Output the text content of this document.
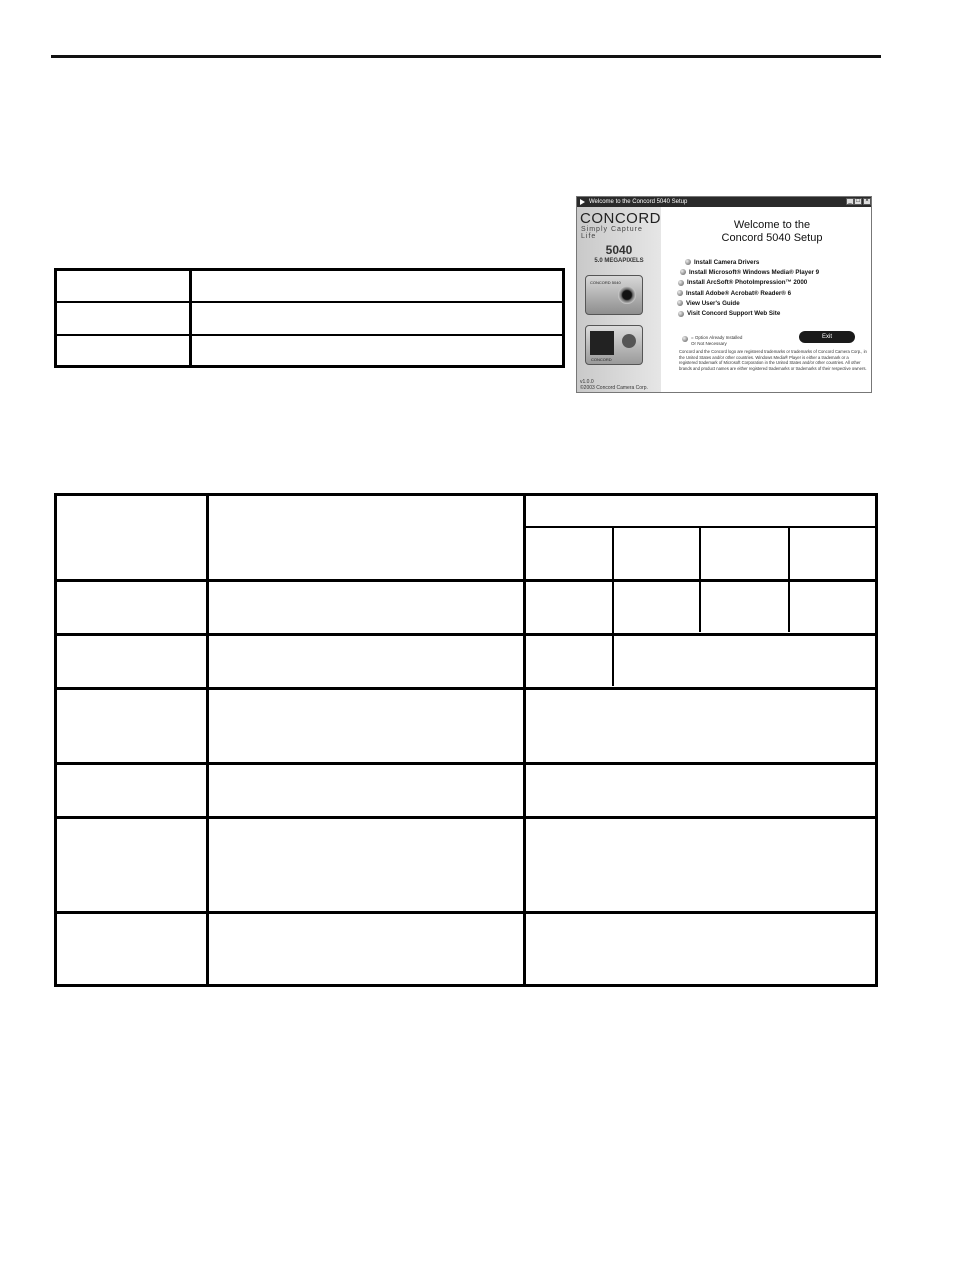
Welcome to the Concord 5040 Setup	_ □ ×
CONCORD
Simply Capture Life
5040
5.0 MEGAPIXELS
CONCORD 5040
CONCORD
v1.0.0
©2003 Concord Camera Corp.
Welcome to the
Concord 5040 Setup
Install Camera Drivers
Install Microsoft® Windows Media® Player 9
Install ArcSoft® PhotoImpression™ 2000
Install Adobe® Acrobat® Reader® 6
View User's Guide
Visit Concord Support Web Site
= Option Already Installed
Or Not Necessary
Exit
Concord and the Concord logo are registered trademarks or trademarks of Concord Camera Corp., in the United States and/or other countries. Windows Media® Player is either a trademark or a registered trademark of Microsoft Corporation in the United States and/or other countries. All other brands and product names are either registered trademarks or trademarks of their respective owners.
